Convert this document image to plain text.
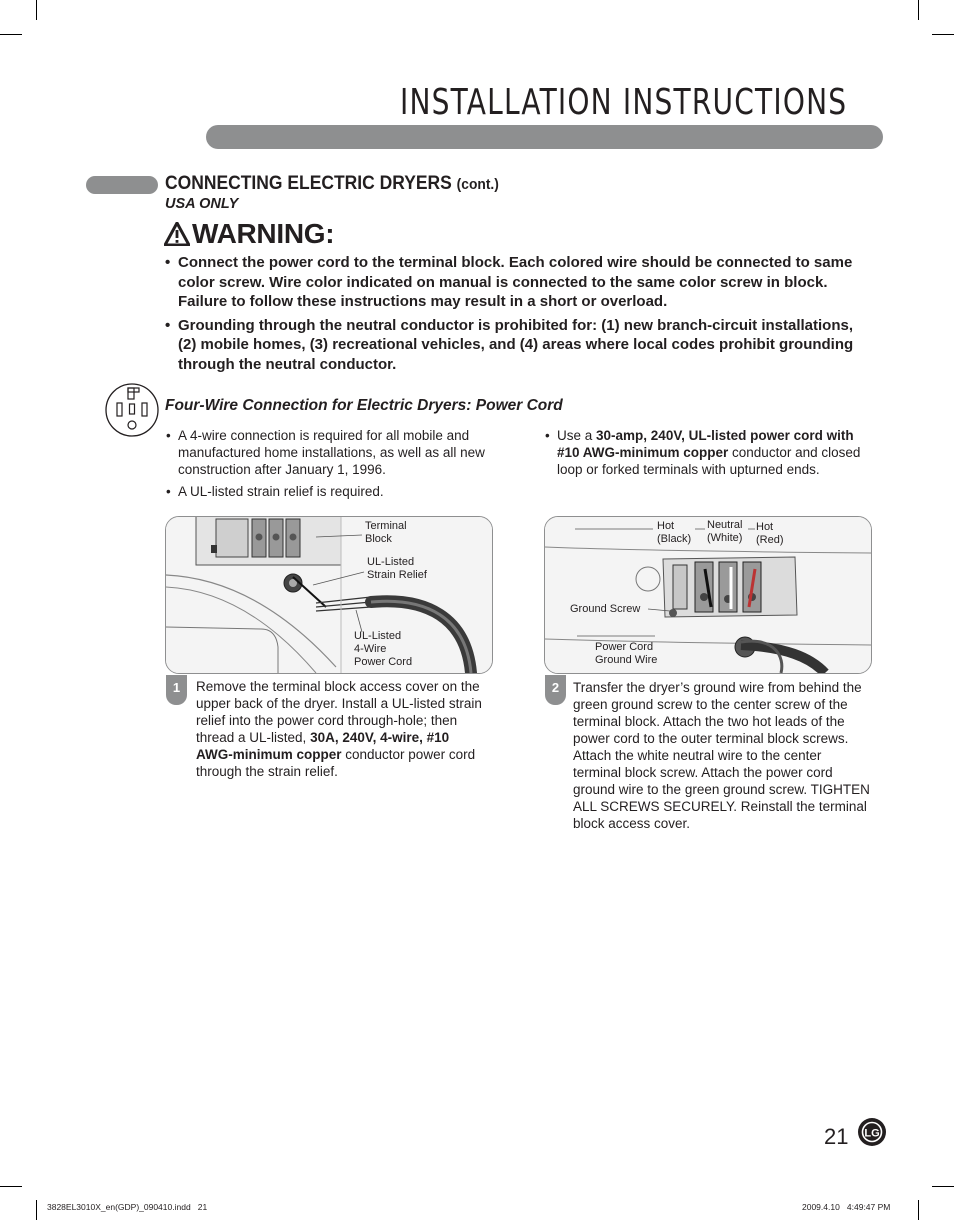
INSTALLATION INSTRUCTIONS
CONNECTING ELECTRIC DRYERS (cont.)
USA ONLY
WARNING:
• Connect the power cord to the terminal block. Each colored wire should be connected to same color screw. Wire color indicated on manual is connected to the same color screw in block. Failure to follow these instructions may result in a short or overload.
• Grounding through the neutral conductor is prohibited for: (1) new branch-circuit installations, (2) mobile homes, (3) recreational vehicles, and (4) areas where local codes prohibit grounding through the neutral conductor.
Four-Wire Connection for Electric Dryers: Power Cord
• A 4-wire connection is required for all mobile and manufactured home installations, as well as all new construction after January 1, 1996.
• A UL-listed strain relief is required.
• Use a 30-amp, 240V, UL-listed power cord with #10 AWG-minimum copper conductor and closed loop or forked terminals with upturned ends.
Terminal
Block
UL-Listed
Strain Relief
UL-Listed
4-Wire
Power Cord
Hot
(Black)
Neutral
(White)
Hot
(Red)
Ground Screw
Power Cord
Ground Wire
1	Remove the terminal block access cover on the upper back of the dryer. Install a UL-listed strain relief into the power cord through-hole; then thread a UL-listed, 30A, 240V, 4-wire, #10 AWG-minimum copper conductor power cord through the strain relief.
2	Transfer the dryer’s ground wire from behind the green ground screw to the center screw of the terminal block. Attach the two hot leads of the power cord to the outer terminal block screws. Attach the white neutral wire to the center terminal block screw. Attach the power cord ground wire to the green ground screw. TIGHTEN ALL SCREWS SECURELY. Reinstall the terminal block access cover.
21 LG
3828EL3010X_en(GDP)_090410.indd   21	2009.4.10   4:49:47 PM
